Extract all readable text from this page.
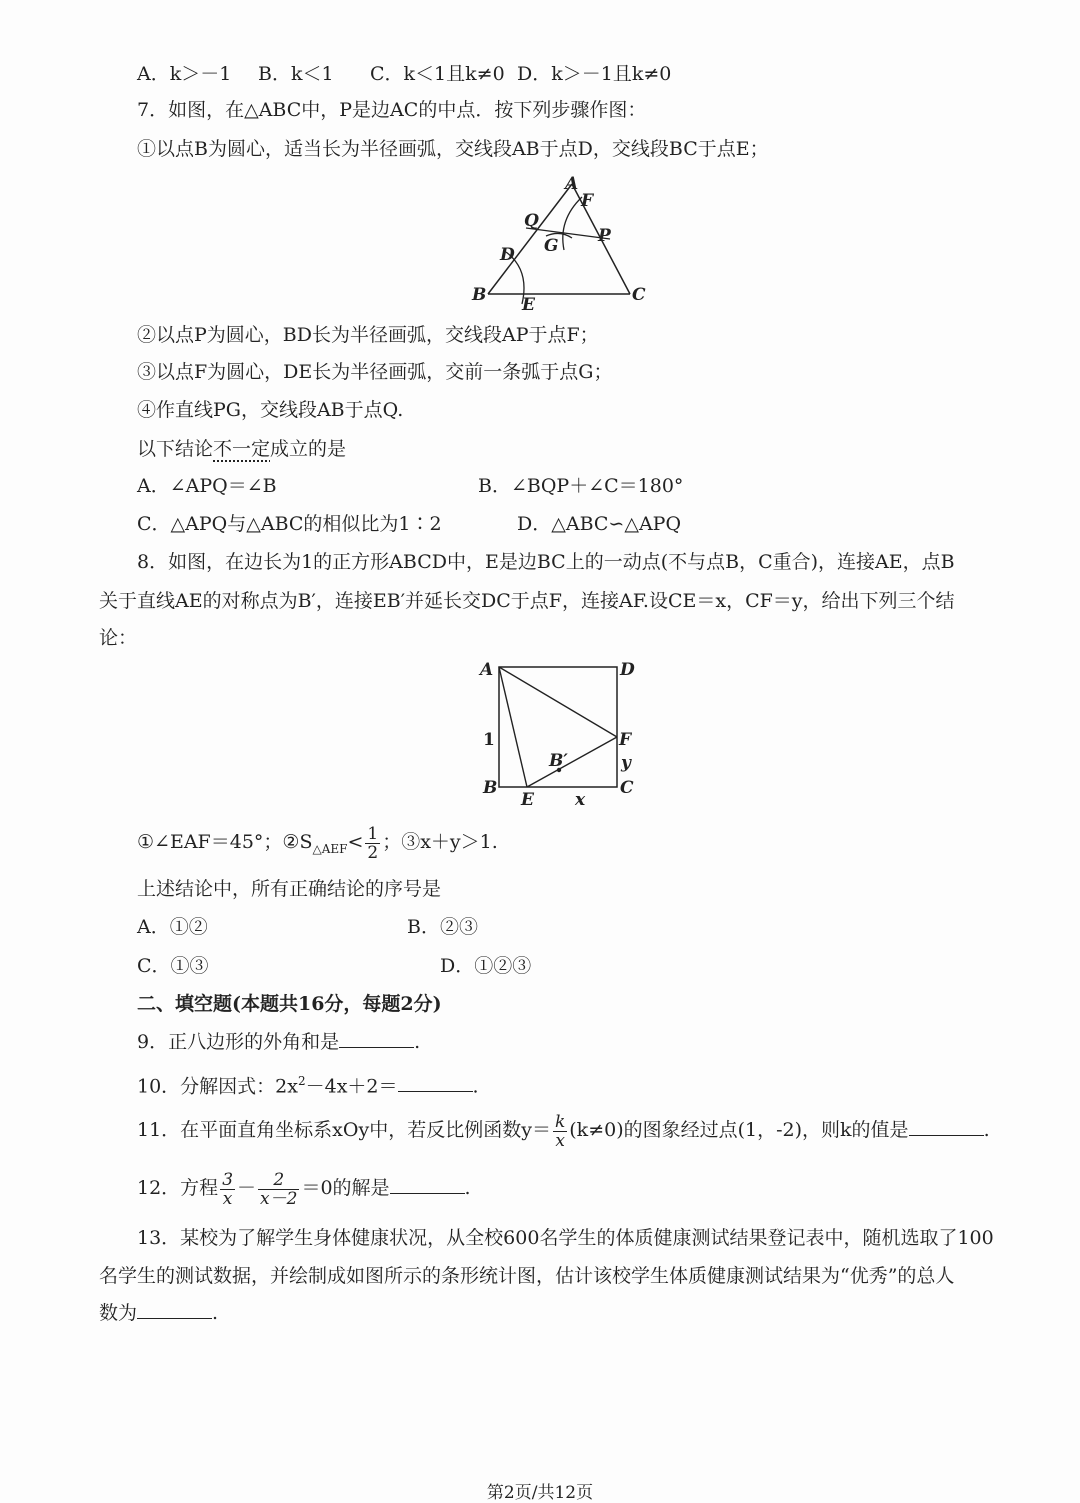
A．k＞－1 B．k＜1 C．k＜1且k≠0 D．k＞－1且k≠0
7．如图，在△ABC中，P是边AC的中点．按下列步骤作图：
①以点B为圆心，适当长为半径画弧，交线段AB于点D，交线段BC于点E；
A
F
Q
G P
D
B	C
E
②以点P为圆心，BD长为半径画弧，交线段AP于点F；
③以点F为圆心，DE长为半径画弧，交前一条弧于点G；
④作直线PG，交线段AB于点Q.
以下结论不一定成立的是
A．∠APQ＝∠B	B．∠BQP＋∠C＝180°
C．△APQ与△ABC的相似比为1∶2	D．△ABC∽△APQ
8．如图，在边长为1的正方形ABCD中，E是边BC上的一动点(不与点B，C重合)，连接AE，点B
关于直线AE的对称点为B′，连接EB′并延长交DC于点F，连接AF.设CE＝x，CF＝y，给出下列三个结
论：
A	D
B	C
E
F
B′
1
x
y
①∠EAF＝45°；$②S_{\triangle AEF}< \frac{1}{2}$ ；③x＋y＞1.
上述结论中，所有正确结论的序号是
A．①②	B．②③
C．①③	D．①②③
二、填空题(本题共16分，每题2分)
9．正八边形的外角和是	.
10．分解因式：$2x^2-4x+2=$	.
11．在平面直角坐标系xOy中，若反比例函数$y= \frac{k}{x} (k\ne 0)$的图象经过点(1，-2)，则k的值是	.
12．方程 $\frac{3}{x} - \frac{2}{x-2} =0$的解是	.
13．某校为了解学生身体健康状况，从全校600名学生的体质健康测试结果登记表中，随机选取了100
名学生的测试数据，并绘制成如图所示的条形统计图，估计该校学生体质健康测试结果为“优秀”的总人
数为	.
第2页/共12页
